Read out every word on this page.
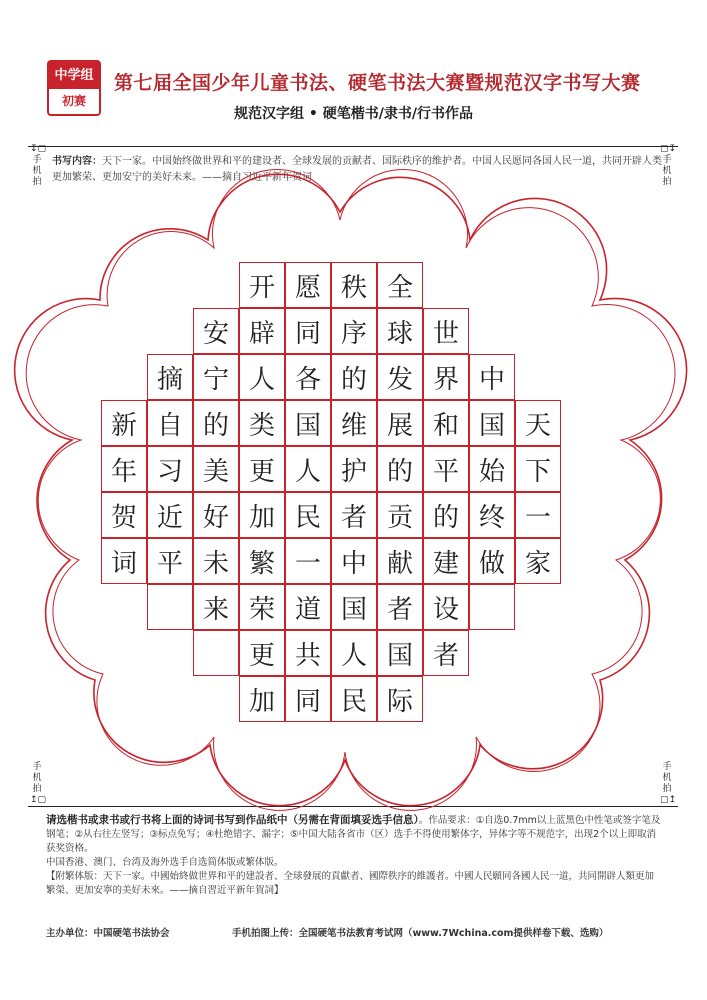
中学组
初赛
第七届全国少年儿童书法、硬笔书法大赛暨规范汉字书写大赛
规范汉字组 • 硬笔楷书/隶书/行书作品
↧▢
手机拍
▢↧
手机拍
手机拍
↥▢
手机拍
▢↥
书写内容：天下一家。中国始终做世界和平的建设者、全球发展的贡献者、国际秩序的维护者。中国人民愿同各国人民一道，共同开辟人类更加繁荣、更加安宁的美好未来。——摘自习近平新年贺词
开 愿 秩 全
安 辟 同 序 球 世
摘 宁 人 各 的 发 界 中
新 自 的 类 国 维 展 和 国 天
年 习 美 更 人 护 的 平 始 下
贺 近 好 加 民 者 贡 的 终 一
词 平 未 繁 一 中 献 建 做 家
来 荣 道 国 者 设
更 共 人 国 者
加 同 民 际
请选楷书或隶书或行书将上面的诗词书写到作品纸中（另需在背面填妥选手信息）。作品要求：①自选0.7mm以上蓝黑色中性笔或签字笔及钢笔；②从右往左竖写；③标点免写；④杜绝错字、漏字；⑤中国大陆各省市（区）选手不得使用繁体字，异体字等不规范字，出现2个以上即取消获奖资格。
中国香港、澳门、台湾及海外选手自选简体版或繁体版。
【附繁体版：天下一家。中國始終做世界和平的建設者、全球發展的貢獻者、國際秩序的維護者。中國人民願同各國人民一道，共同開辟人類更加繁榮、更加安寧的美好未來。——摘自習近平新年賀詞】
主办单位：中国硬笔书法协会	手机拍图上传：全国硬笔书法教育考试网（www.7Wchina.com提供样卷下载、选购）
